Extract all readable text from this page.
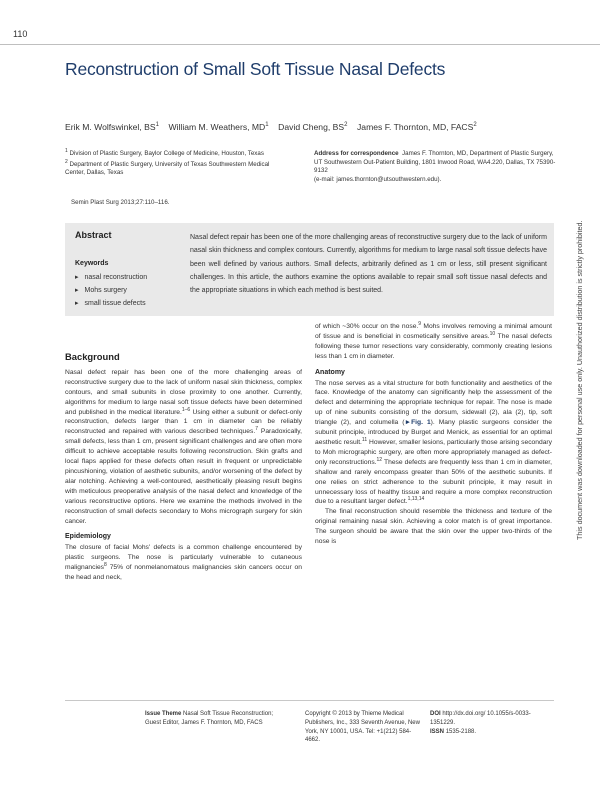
110
Reconstruction of Small Soft Tissue Nasal Defects
Erik M. Wolfswinkel, $BS^1$ William M. Weathers, $MD^1$ David Cheng, $BS^2$ James F. Thornton, MD, FACS$^2$

$^1$ Division of Plastic Surgery, Baylor College of Medicine, Houston, Texas

$^2$ Department of Plastic Surgery, University of Texas Southwestern Medical Center, Dallas, Texas

Address for correspondence James F. Thornton, MD, Department of Plastic Surgery, UT Southwestern Out-Patient Building, 1801 Inwood Road, WA4.220, Dallas, TX 75390-9132
(e-mail: james.thornton@utsouthwestern.edu).
Semin Plast Surg 2013;27:110–116.
Abstract
Keywords
▸ nasal reconstruction
▸ Mohs surgery
▸ small tissue defects
Nasal defect repair has been one of the more challenging areas of reconstructive surgery due to the lack of uniform nasal skin thickness and complex contours. Currently, algorithms for medium to large nasal soft tissue defects have been well defined by various authors. Small defects, arbitrarily defined as 1 cm or less, still present significant challenges. In this article, the authors examine the options available to repair small soft tissue nasal defects and the appropriate situations in which each method is best suited.
Background

Nasal defect repair has been one of the more challenging areas of reconstructive surgery due to the lack of uniform nasal skin thickness, complex contours, and small subunits in close proximity to one another. Currently, algorithms for medium to large nasal soft tissue defects have been determined and published in the medical literature.$^{1-6}$ Using either a subunit or defect-only reconstruction, defects larger than 1 cm in diameter can be reliably reconstructed and repaired with various described techniques.$^7$ Paradoxically, small defects, less than 1 cm, present significant challenges and are often more difficult to achieve acceptable results following reconstruction. Skin grafts and local flaps applied for these defects often result in frequent or unpredictable pincushioning, violation of aesthetic subunits, and/or worsening of the defect by alar notching. Achieving a well-contoured, aesthetically pleasing result begins with meticulous preoperative analysis of the nasal defect and knowledge of the various reconstructive options. Here we examine the methods involved in the reconstruction of small defects secondary to Mohs micrograph surgery for skin cancer.

Epidemiology

The closure of facial Mohs' defects is a common challenge encountered by plastic surgeons. The nose is particularly vulnerable to cutaneous malignancies$^8$ 75% of nonmelanomatous malignancies skin cancers occur on the head and neck,

of which ~30% occur on the nose.$^9$ Mohs involves removing a minimal amount of tissue and is beneficial in cosmetically sensitive areas.$^{10}$ The nasal defects following these tumor resections vary considerably, commonly creating lesions less than 1 cm in diameter.

Anatomy

The nose serves as a vital structure for both functionality and aesthetics of the face. Knowledge of the anatomy can significantly help the assessment of the defect and determining the appropriate technique for repair. The nose is made up of nine subunits consisting of the dorsum, sidewall (2), ala (2), tip, soft triangle (2), and columella (►Fig. 1). Many plastic surgeons consider the subunit principle, introduced by Burget and Menick, as essential for an optimal aesthetic result.$^{11}$ However, smaller lesions, particularly those arising secondary to Moh micrographic surgery, are often more appropriately managed as defect-only reconstructions.$^{12}$ These defects are frequently less than 1 cm in diameter, shallow and rarely encompass greater than 50% of the aesthetic subunits. If one relies on strict adherence to the subunit principle, it may result in unnecessary loss of healthy tissue and require a more complex reconstruction due to a resultant larger defect.$^{1,13,14}$

The final reconstruction should resemble the thickness and texture of the original remaining nasal skin. Achieving a color match is of great importance. The surgeon should be aware that the skin over the upper two-thirds of the nose is

Issue Theme Nasal Soft Tissue Reconstruction; Guest Editor, James F. Thornton, MD, FACS
Copyright © 2013 by Thieme Medical Publishers, Inc., 333 Seventh Avenue, New York, NY 10001, USA. Tel: +1(212) 584-4662.
DOI http://dx.doi.org/ 10.1055/s-0033-1351229.
ISSN 1535-2188.
This document was downloaded for personal use only. Unauthorized distribution is strictly prohibited.
